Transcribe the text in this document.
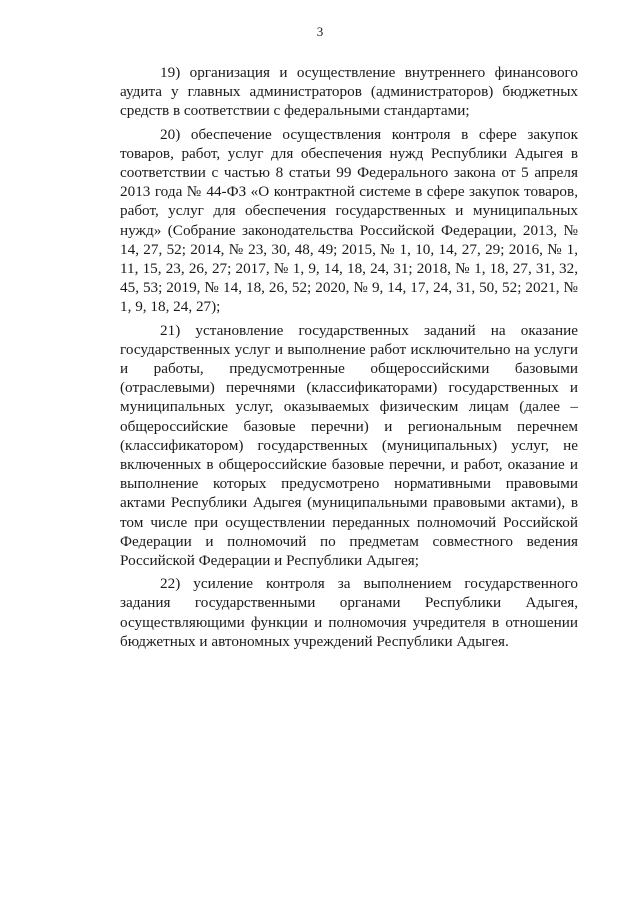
3

19) организация и осуществление внутреннего финансового аудита у главных администраторов (администраторов) бюджетных средств в соответствии с федеральными стандартами;

20) обеспечение осуществления контроля в сфере закупок товаров, работ, услуг для обеспечения нужд Республики Адыгея в соответствии с частью 8 статьи 99 Федерального закона от 5 апреля 2013 года № 44-ФЗ «О контрактной системе в сфере закупок товаров, работ, услуг для обеспечения государственных и муниципальных нужд» (Собрание законодательства Российской Федерации, 2013, № 14, 27, 52; 2014, № 23, 30, 48, 49; 2015, № 1, 10, 14, 27, 29; 2016, № 1, 11, 15, 23, 26, 27; 2017, № 1, 9, 14, 18, 24, 31; 2018, № 1, 18, 27, 31, 32, 45, 53; 2019, № 14, 18, 26, 52; 2020, № 9, 14, 17, 24, 31, 50, 52; 2021, № 1, 9, 18, 24, 27);

21) установление государственных заданий на оказание государственных услуг и выполнение работ исключительно на услуги и работы, предусмотренные общероссийскими базовыми (отраслевыми) перечнями (классификаторами) государственных и муниципальных услуг, оказываемых физическим лицам (далее – общероссийские базовые перечни) и региональным перечнем (классификатором) государственных (муниципальных) услуг, не включенных в общероссийские базовые перечни, и работ, оказание и выполнение которых предусмотрено нормативными правовыми актами Республики Адыгея (муниципальными правовыми актами), в том числе при осуществлении переданных полномочий Российской Федерации и полномочий по предметам совместного ведения Российской Федерации и Республики Адыгея;

22) усиление контроля за выполнением государственного задания государственными органами Республики Адыгея, осуществляющими функции и полномочия учредителя в отношении бюджетных и автономных учреждений Республики Адыгея.
